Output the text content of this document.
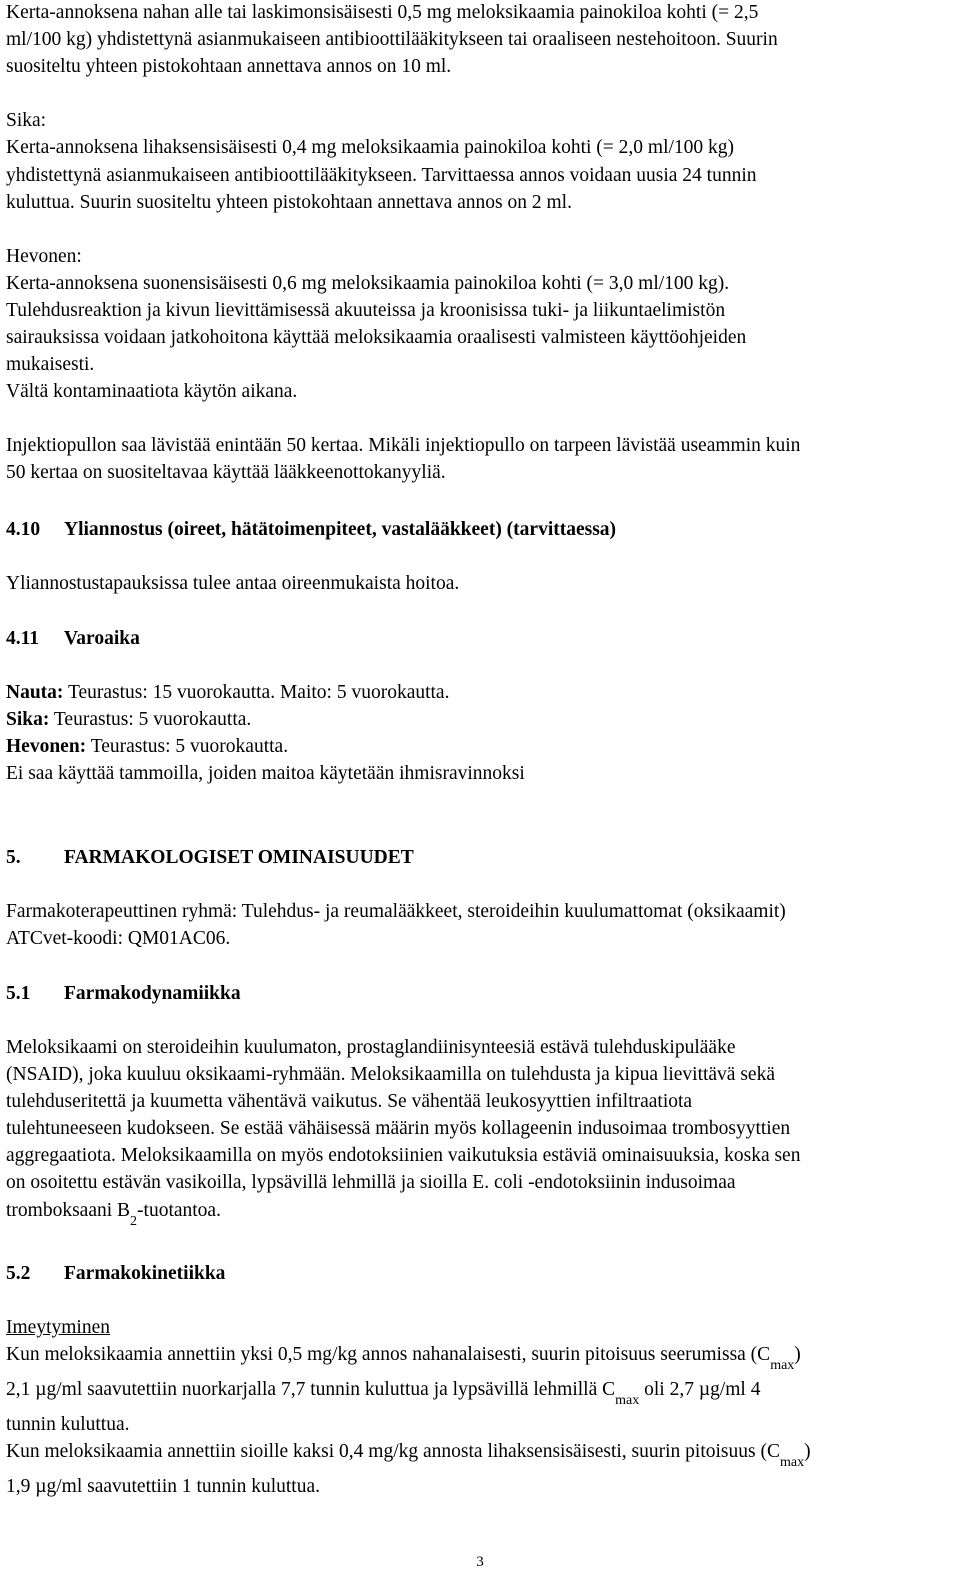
Kerta-annoksena nahan alle tai laskimonsisäisesti 0,5 mg meloksikaamia painokiloa kohti (= 2,5
ml/100 kg) yhdistettynä asianmukaiseen antibioottilääkitykseen tai oraaliseen nestehoitoon. Suurin
suositeltu yhteen pistokohtaan annettava annos on 10 ml.
Sika:
Kerta-annoksena lihaksensisäisesti 0,4 mg meloksikaamia painokiloa kohti (= 2,0 ml/100 kg)
yhdistettynä asianmukaiseen antibioottilääkitykseen. Tarvittaessa annos voidaan uusia 24 tunnin
kuluttua. Suurin suositeltu yhteen pistokohtaan annettava annos on 2 ml.
Hevonen:
Kerta-annoksena suonensisäisesti 0,6 mg meloksikaamia painokiloa kohti (= 3,0 ml/100 kg).
Tulehdusreaktion ja kivun lievittämisessä akuuteissa ja kroonisissa tuki- ja liikuntaelimistön
sairauksissa voidaan jatkohoitona käyttää meloksikaamia oraalisesti valmisteen käyttöohjeiden
mukaisesti.
Vältä kontaminaatiota käytön aikana.
Injektiopullon saa lävistää enintään 50 kertaa. Mikäli injektiopullo on tarpeen lävistää useammin kuin
50 kertaa on suositeltavaa käyttää lääkkeenottokanyyliä.
4.10 Yliannostus (oireet, hätätoimenpiteet, vastalääkkeet) (tarvittaessa)
Yliannostustapauksissa tulee antaa oireenmukaista hoitoa.
4.11 Varoaika
Nauta: Teurastus: 15 vuorokautta. Maito: 5 vuorokautta.
Sika: Teurastus: 5 vuorokautta.
Hevonen: Teurastus: 5 vuorokautta.
Ei saa käyttää tammoilla, joiden maitoa käytetään ihmisravinnoksi
5. FARMAKOLOGISET OMINAISUUDET
Farmakoterapeuttinen ryhmä: Tulehdus- ja reumalääkkeet, steroideihin kuulumattomat (oksikaamit)
ATCvet-koodi: QM01AC06.
5.1 Farmakodynamiikka
Meloksikaami on steroideihin kuulumaton, prostaglandiinisynteesiä estävä tulehduskipulääke
(NSAID), joka kuuluu oksikaami-ryhmään. Meloksikaamilla on tulehdusta ja kipua lievittävä sekä
tulehduseritettä ja kuumetta vähentävä vaikutus. Se vähentää leukosyyttien infiltraatiota
tulehtuneeseen kudokseen. Se estää vähäisessä määrin myös kollageenin indusoimaa trombosyyttien
aggregaatiota. Meloksikaamilla on myös endotoksiinien vaikutuksia estäviä ominaisuuksia, koska sen
on osoitettu estävän vasikoilla, lypsävillä lehmillä ja sioilla E. coli -endotoksiinin indusoimaa
tromboksaani $B_2$-tuotantoa.
5.2 Farmakokinetiikka
Imeytyminen
Kun meloksikaamia annettiin yksi 0,5 mg/kg annos nahanalaisesti, suurin pitoisuus seerumissa $(C_{max})$
2,1 µg/ml saavutettiin nuorkarjalla 7,7 tunnin kuluttua ja lypsävillä lehmillä $C_{max}$ oli 2,7 µg/ml 4
tunnin kuluttua.
Kun meloksikaamia annettiin sioille kaksi 0,4 mg/kg annosta lihaksensisäisesti, suurin pitoisuus $(C_{max})$
1,9 µg/ml saavutettiin 1 tunnin kuluttua.
3
